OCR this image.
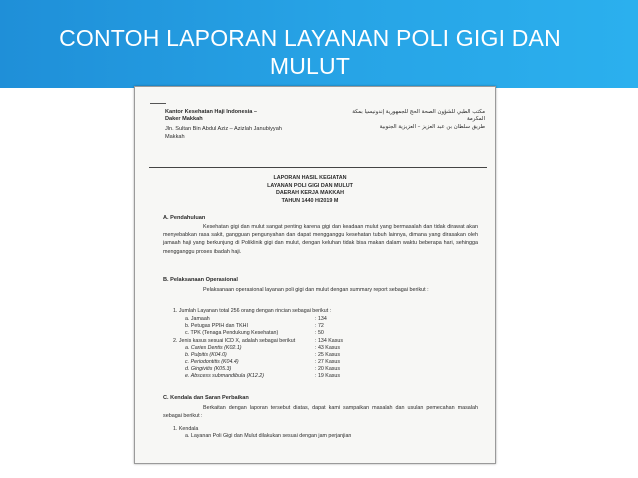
CONTOH LAPORAN LAYANAN POLI GIGI DAN
MULUT
Kantor Kesehatan Haji Indonesia –
Daker Makkah
Jln. Sultan Bin Abdul Aziz – Azizlah Janubiyyah
Makkah
مكتب الطبي للشؤون الصحة الحج للجمهورية إندونيسيا بمكة
المكرمة
طريق سلطان بن عبد العزيز – العزيزية الجنوبية
LAPORAN HASIL KEGIATAN
LAYANAN POLI GIGI DAN MULUT
DAERAH KERJA MAKKAH
TAHUN 1440 H/2019 M
A. Pendahuluan
Kesehatan gigi dan mulut sangat penting karena gigi dan keadaan mulut yang bermasalah dan tidak dirawat akan menyebabkan rasa sakit, gangguan pengunyahan dan dapat mengganggu kesehatan tubuh lainnya, dimana yang dirasakan oleh jamaah haji yang berkunjung di Poliklinik gigi dan mulut, dengan keluhan tidak bisa makan dalam waktu beberapa hari, sehingga mengganggu proses ibadah haji.
B. Pelaksanaan Operasional
Pelaksanaan operasional layanan poli gigi dan mulut dengan summary report sebagai berikut :
1. Jumlah Layanan total 256 orang dengan rincian sebagai berikut :
a. Jamaah	: 134
b. Petugas PPIH dan TKHI	: 72
c. TPK (Tenaga Pendukung Kesehatan)	: 50
2. Jenis kasus sesuai ICD X, adalah sebagai berikut	: 134 Kasus
a. Caries Dentis (K02.1)	: 43 Kasus
b. Pulpitis (K04.0)	: 25 Kasus
c. Periodontitis (K04.4)	: 27 Kasus
d. Gingivitis (K05.3)	: 20 Kasus
e. Abscess submandibula (K12.2)	: 19 Kasus
C. Kendala dan Saran Perbaikan
Berkaitan dengan laporan tersebut diatas, dapat kami sampaikan masalah dan usulan pemecahan masalah sebagai berikut :
1. Kendala
a. Layanan Poli Gigi dan Mulut dilakukan sesuai dengan jam perjanjian
